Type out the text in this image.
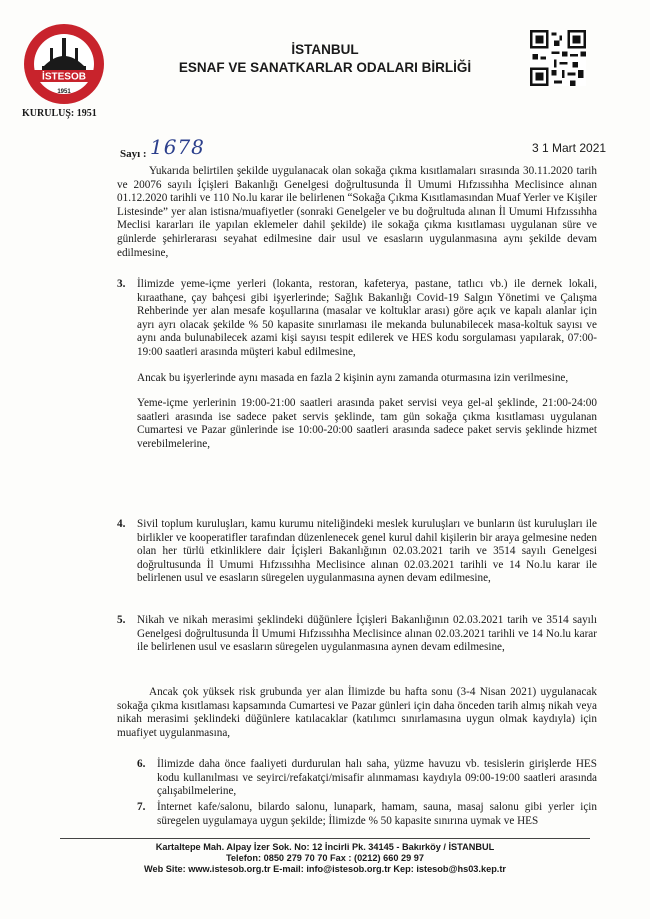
İSTESOB
1951
KURULUŞ: 1951
İSTANBUL
ESNAF VE SANATKARLAR ODALARI BİRLİĞİ
Sayı : 1678	3 1 Mart 2021

Yukarıda belirtilen şekilde uygulanacak olan sokağa çıkma kısıtlamaları sırasında 30.11.2020 tarih ve 20076 sayılı İçişleri Bakanlığı Genelgesi doğrultusunda İl Umumi Hıfzıssıhha Meclisince alınan 01.12.2020 tarihli ve 110 No.lu karar ile belirlenen “Sokağa Çıkma Kısıtlamasından Muaf Yerler ve Kişiler Listesinde” yer alan istisna/muafiyetler (sonraki Genelgeler ve bu doğrultuda alınan İl Umumi Hıfzıssıhha Meclisi kararları ile yapılan eklemeler dahil şekilde) ile sokağa çıkma kısıtlaması uygulanan süre ve günlerde şehirlerarası seyahat edilmesine dair usul ve esasların uygulanmasına aynı şekilde devam edilmesine,

3. İlimizde yeme-içme yerleri (lokanta, restoran, kafeterya, pastane, tatlıcı vb.) ile dernek lokali, kıraathane, çay bahçesi gibi işyerlerinde; Sağlık Bakanlığı Covid-19 Salgın Yönetimi ve Çalışma Rehberinde yer alan mesafe koşullarına (masalar ve koltuklar arası) göre açık ve kapalı alanlar için ayrı ayrı olacak şekilde % 50 kapasite sınırlaması ile mekanda bulunabilecek masa-koltuk sayısı ve aynı anda bulunabilecek azami kişi sayısı tespit edilerek ve HES kodu sorgulaması yapılarak, 07:00-19:00 saatleri arasında müşteri kabul edilmesine,

Ancak bu işyerlerinde aynı masada en fazla 2 kişinin aynı zamanda oturmasına izin verilmesine,

Yeme-içme yerlerinin 19:00-21:00 saatleri arasında paket servisi veya gel-al şeklinde, 21:00-24:00 saatleri arasında ise sadece paket servis şeklinde, tam gün sokağa çıkma kısıtlaması uygulanan Cumartesi ve Pazar günlerinde ise 10:00-20:00 saatleri arasında sadece paket servis şeklinde hizmet verebilmelerine,

4. Sivil toplum kuruluşları, kamu kurumu niteliğindeki meslek kuruluşları ve bunların üst kuruluşları ile birlikler ve kooperatifler tarafından düzenlenecek genel kurul dahil kişilerin bir araya gelmesine neden olan her türlü etkinliklere dair İçişleri Bakanlığının 02.03.2021 tarih ve 3514 sayılı Genelgesi doğrultusunda İl Umumi Hıfzıssıhha Meclisince alınan 02.03.2021 tarihli ve 14 No.lu karar ile belirlenen usul ve esasların süregelen uygulanmasına aynen devam edilmesine,

5. Nikah ve nikah merasimi şeklindeki düğünlere İçişleri Bakanlığının 02.03.2021 tarih ve 3514 sayılı Genelgesi doğrultusunda İl Umumi Hıfzıssıhha Meclisince alınan 02.03.2021 tarihli ve 14 No.lu karar ile belirlenen usul ve esasların süregelen uygulanmasına aynen devam edilmesine,

Ancak çok yüksek risk grubunda yer alan İlimizde bu hafta sonu (3-4 Nisan 2021) uygulanacak sokağa çıkma kısıtlaması kapsamında Cumartesi ve Pazar günleri için daha önceden tarih almış nikah veya nikah merasimi şeklindeki düğünlere katılacaklar (katılımcı sınırlamasına uygun olmak kaydıyla) için muafiyet uygulanmasına,

6. İlimizde daha önce faaliyeti durdurulan halı saha, yüzme havuzu vb. tesislerin girişlerde HES kodu kullanılması ve seyirci/refakatçi/misafir alınmaması kaydıyla 09:00-19:00 saatleri arasında çalışabilmelerine,

7. İnternet kafe/salonu, bilardo salonu, lunapark, hamam, sauna, masaj salonu gibi yerler için süregelen uygulamaya uygun şekilde; İlimizde % 50 kapasite sınırına uymak ve HES

Kartaltepe Mah. Alpay İzer Sok. No: 12 İncirli Pk. 34145 - Bakırköy / İSTANBUL
Telefon: 0850 279 70 70 Fax : (0212) 660 29 97
Web Site: www.istesob.org.tr E-mail: info@istesob.org.tr Kep: istesob@hs03.kep.tr
